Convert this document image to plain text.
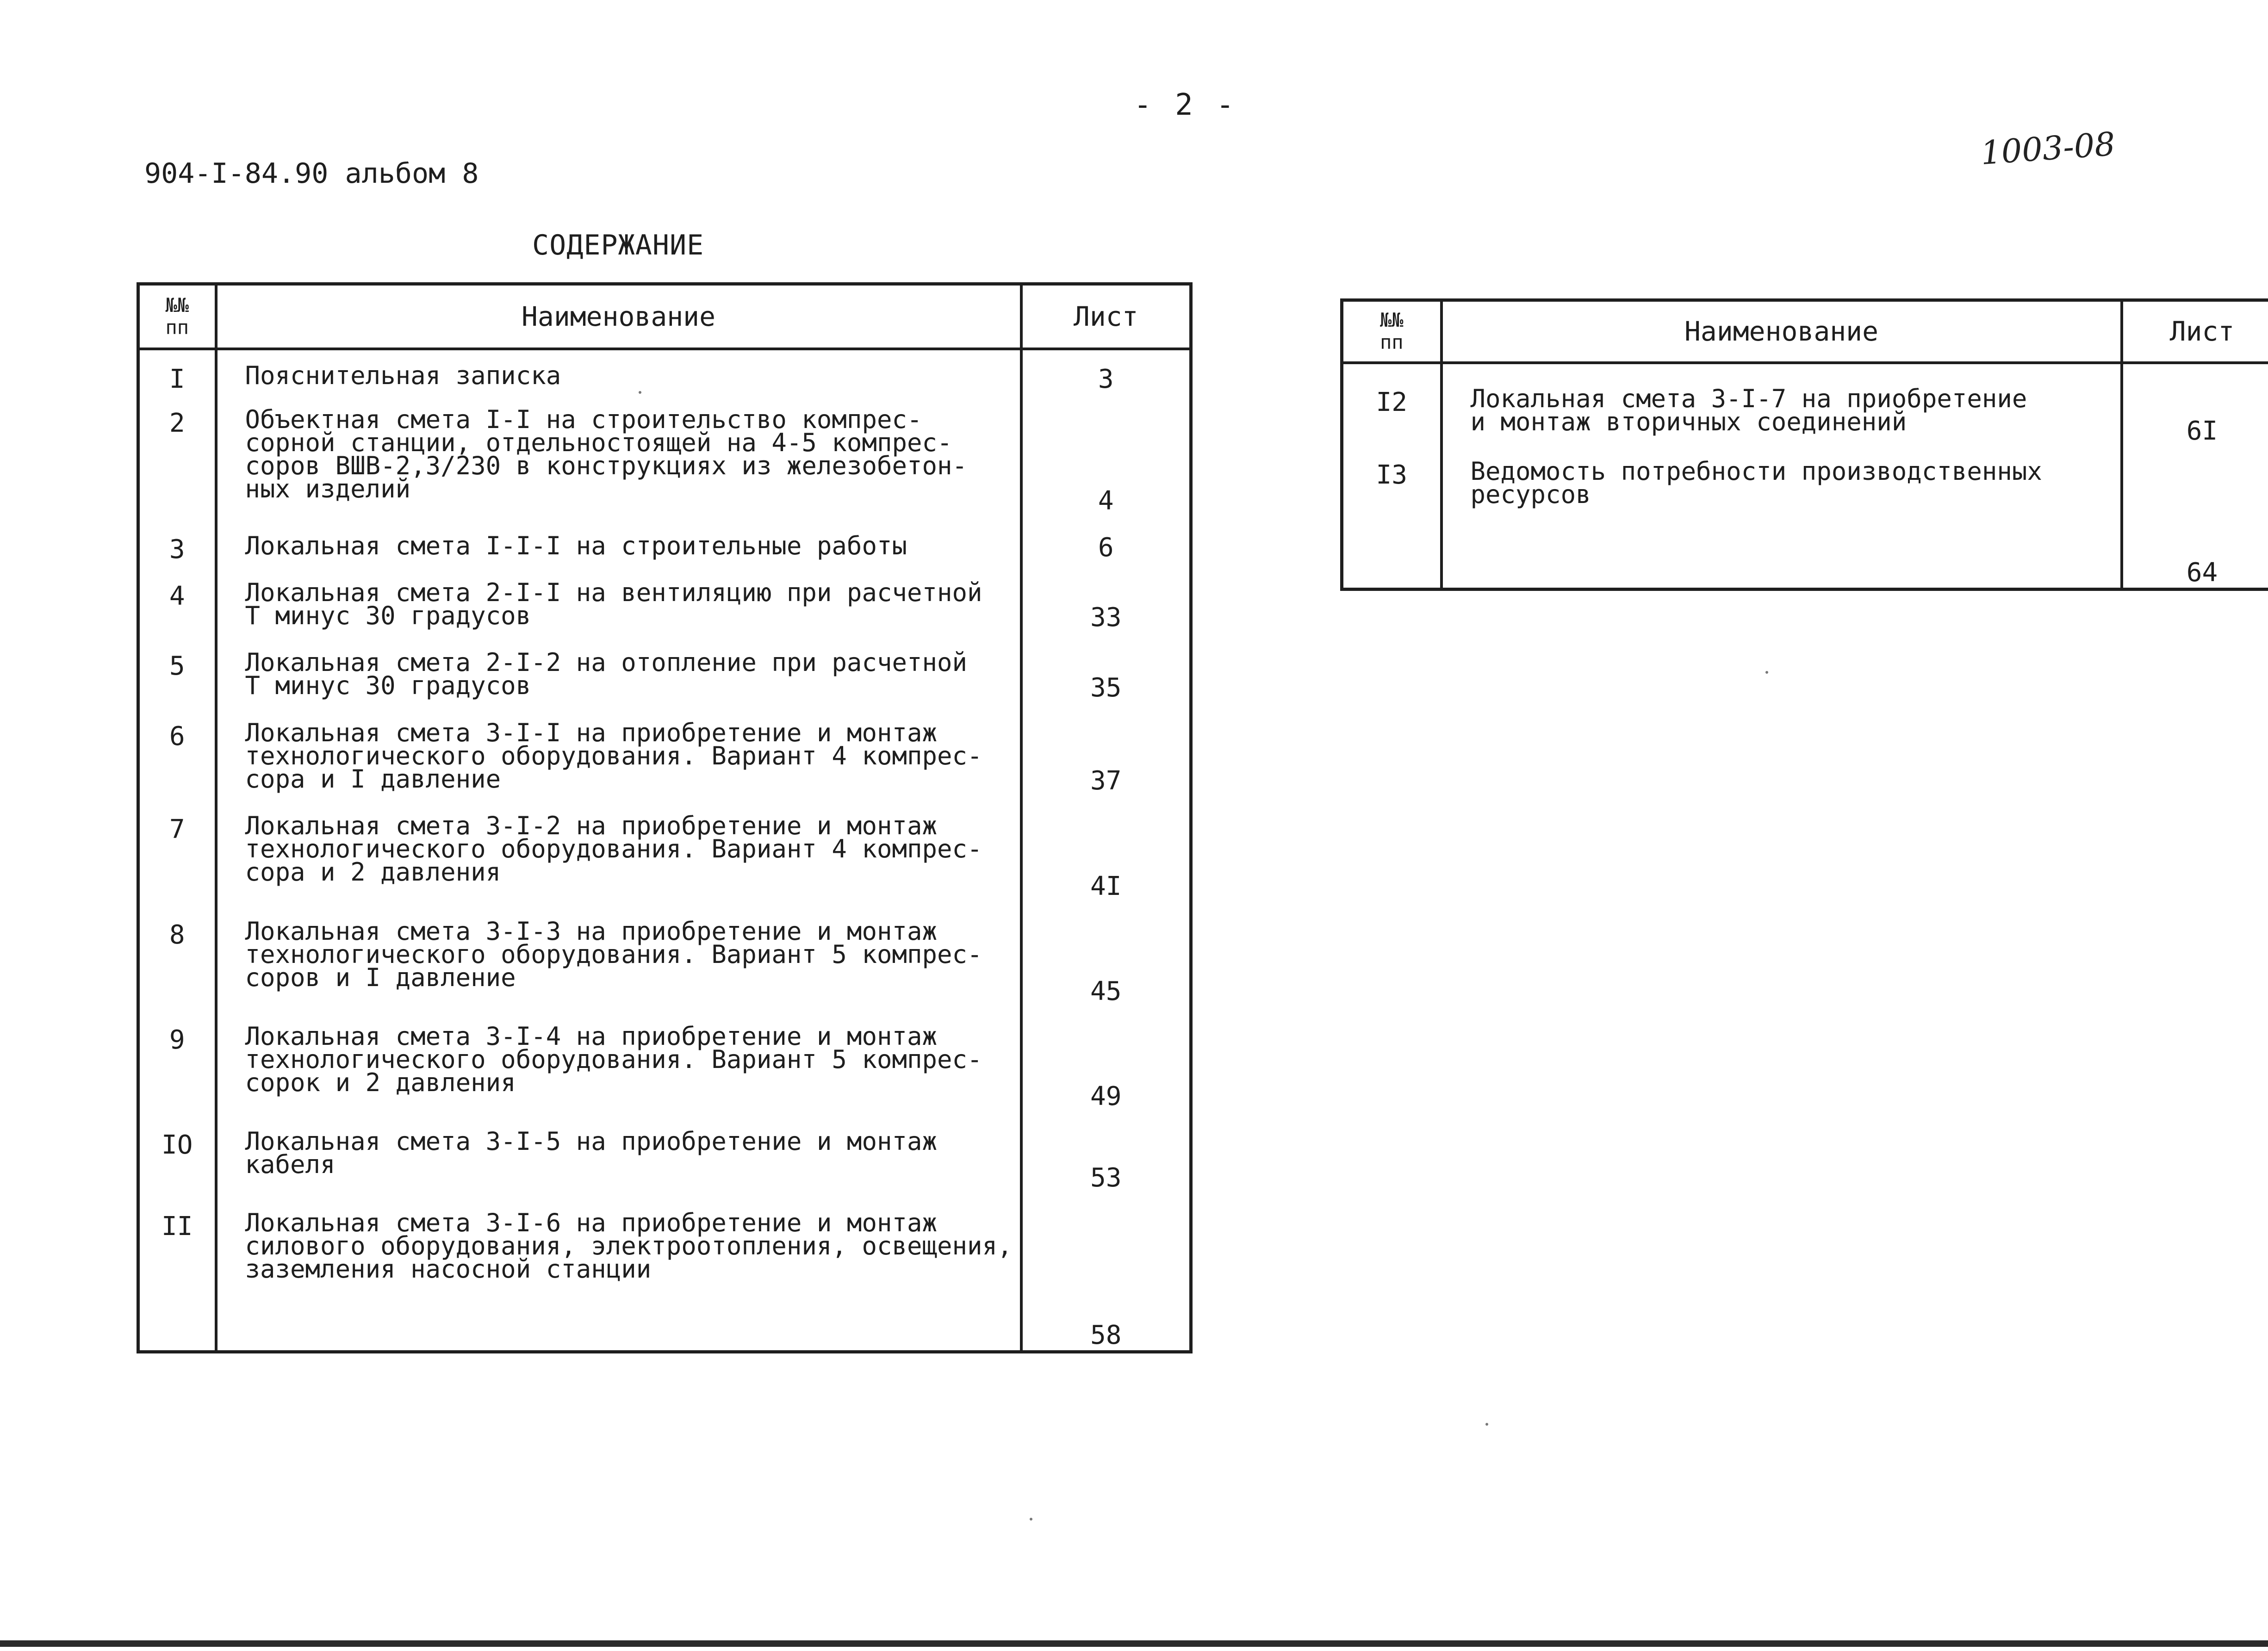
- 2 -
904-I-84.90 альбом 8
1003-08
СОДЕРЖАНИЕ
№№
пп	Наименование	Лист
I	Пояснительная записка	3
2	Объектная смета I-I на строительство компрес-
сорной станции, отдельностоящей на 4-5 компрес-
соров ВШВ-2,3/230 в конструкциях из железобетон-
ных изделий	4
3	Локальная смета I-I-I на строительные работы	6
4	Локальная смета 2-I-I на вентиляцию при расчетной
Т минус 30 градусов	33
5	Локальная смета 2-I-2 на отопление при расчетной
Т минус 30 градусов	35
6	Локальная смета 3-I-I на приобретение и монтаж
технологического оборудования. Вариант 4 компрес-
сора и I давление	37
7	Локальная смета 3-I-2 на приобретение и монтаж
технологического оборудования. Вариант 4 компрес-
сора и 2 давления	4I
8	Локальная смета 3-I-3 на приобретение и монтаж
технологического оборудования. Вариант 5 компрес-
соров и I давление	45
9	Локальная смета 3-I-4 на приобретение и монтаж
технологического оборудования. Вариант 5 компрес-
сорок и 2 давления	49
IO	Локальная смета 3-I-5 на приобретение и монтаж
кабеля	53
II	Локальная смета 3-I-6 на приобретение и монтаж
силового оборудования, электроотопления, освещения,
заземления насосной станции	58
№№
пп	Наименование	Лист
I2	Локальная смета 3-I-7 на приобретение
и монтаж вторичных соединений	6I
I3	Ведомость потребности производственных
ресурсов	64
